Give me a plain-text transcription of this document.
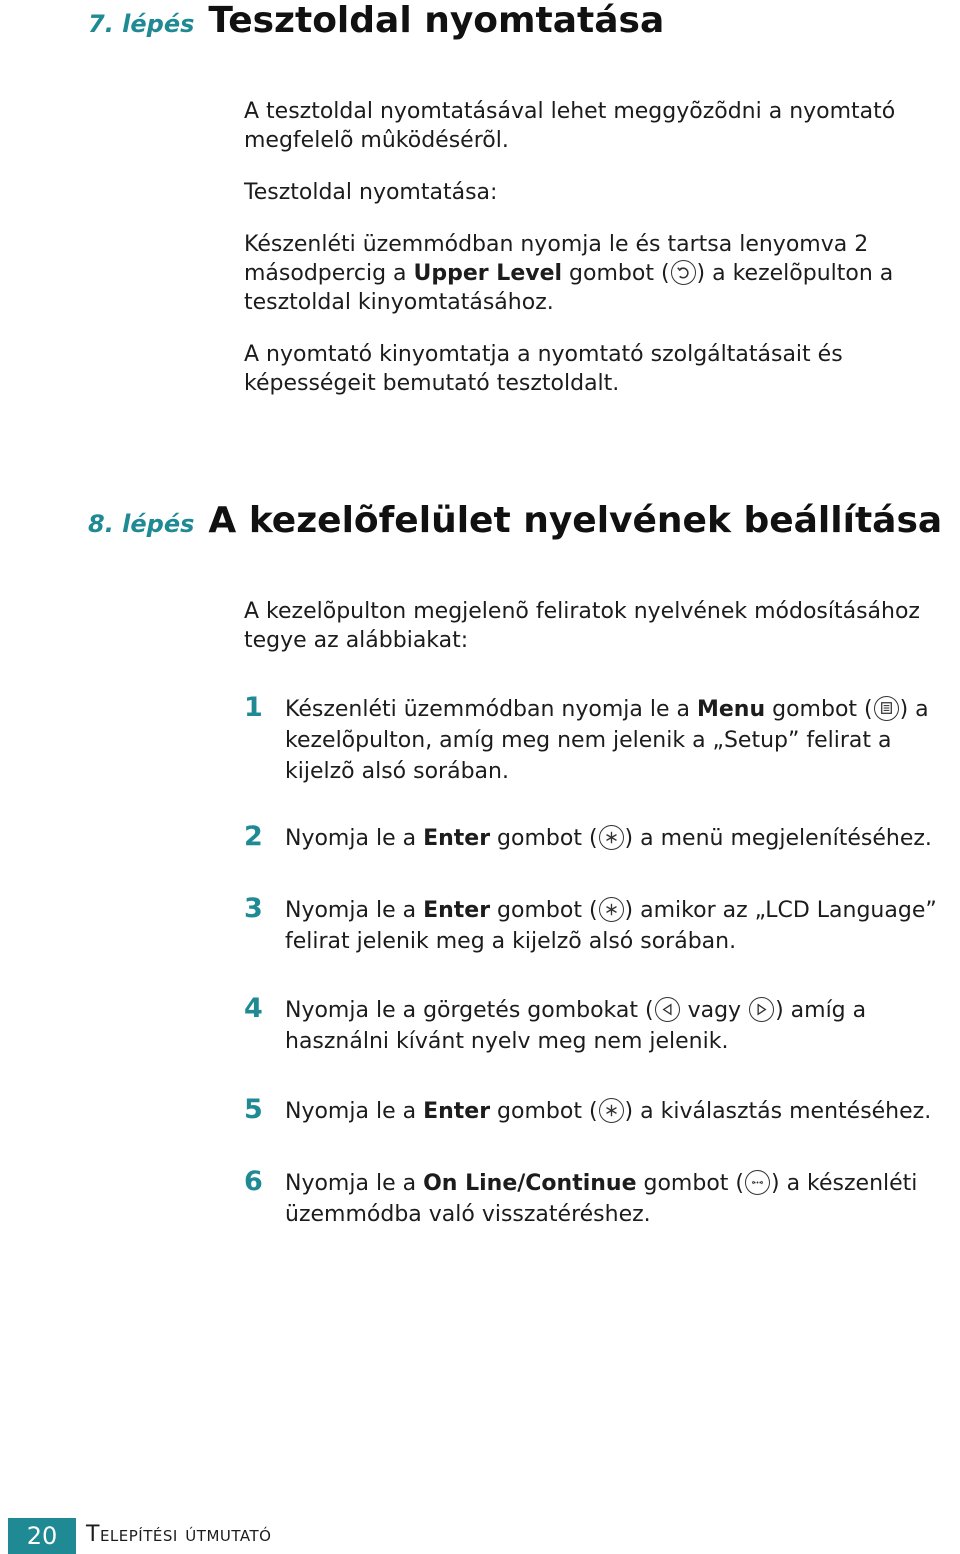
7. lépés Tesztoldal nyomtatása

A tesztoldal nyomtatásával lehet meggyõzõdni a nyomtató megfelelõ mûködésérõl.

Tesztoldal nyomtatása:

Készenléti üzemmódban nyomja le és tartsa lenyomva 2 másodpercig a Upper Level gombot ( ) a kezelõpulton a tesztoldal kinyomtatásához.

A nyomtató kinyomtatja a nyomtató szolgáltatásait és képességeit bemutató tesztoldalt.

8. lépés A kezelõfelület nyelvének beállítása

A kezelõpulton megjelenõ feliratok nyelvének módosításához tegye az alábbiakat:

1 Készenléti üzemmódban nyomja le a Menu gombot ( ) a kezelõpulton, amíg meg nem jelenik a „Setup” felirat a kijelzõ alsó sorában.

2 Nyomja le a Enter gombot ( ) a menü megjelenítéséhez.

3 Nyomja le a Enter gombot ( ) amikor az „LCD Language” felirat jelenik meg a kijelzõ alsó sorában.

4 Nyomja le a görgetés gombokat (
vagy
) amíg a használni kívánt nyelv meg nem jelenik.

5 Nyomja le a Enter gombot ( ) a kiválasztás mentéséhez.

6 Nyomja le a On Line/Continue gombot ( ) a készenléti üzemmódba való visszatéréshez.

20	Telepítési útmutató
